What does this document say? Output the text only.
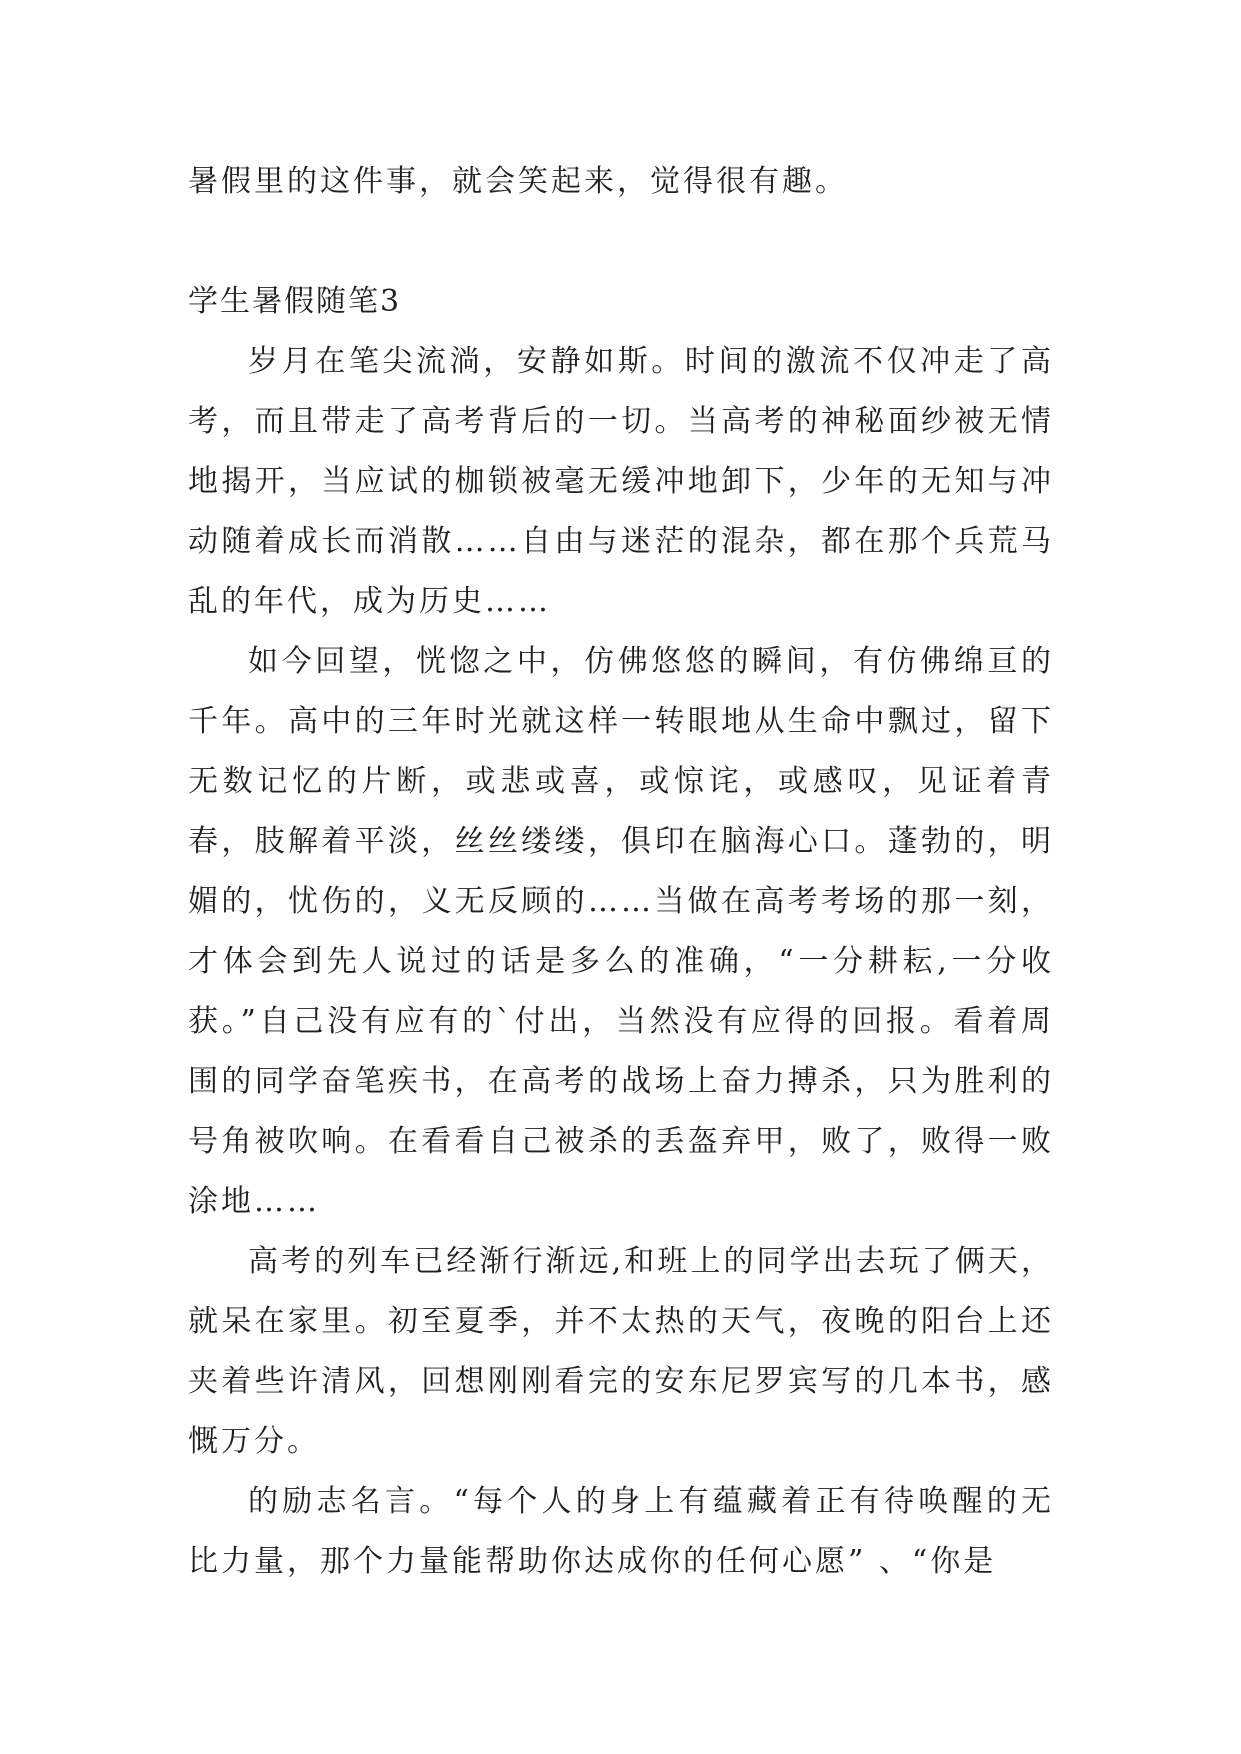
暑假里的这件事，就会笑起来，觉得很有趣。
学生暑假随笔3

岁月在笔尖流淌，安静如斯。时间的激流不仅冲走了高考，而且带走了高考背后的一切。当高考的神秘面纱被无情地揭开，当应试的枷锁被毫无缓冲地卸下，少年的无知与冲动随着成长而消散……自由与迷茫的混杂，都在那个兵荒马乱的年代，成为历史……

如今回望，恍惚之中，仿佛悠悠的瞬间，有仿佛绵亘的千年。高中的三年时光就这样一转眼地从生命中飘过，留下无数记忆的片断，或悲或喜，或惊诧，或感叹，见证着青春，肢解着平淡，丝丝缕缕，俱印在脑海心口。蓬勃的，明媚的，忧伤的，义无反顾的……当做在高考考场的那一刻，才体会到先人说过的话是多么的准确，“一分耕耘,一分收获。”自己没有应有的`付出，当然没有应得的回报。看着周围的同学奋笔疾书，在高考的战场上奋力搏杀，只为胜利的号角被吹响。在看看自己被杀的丢盔弃甲，败了，败得一败涂地……

高考的列车已经渐行渐远,和班上的同学出去玩了俩天，就呆在家里。初至夏季，并不太热的天气，夜晚的阳台上还夹着些许清风，回想刚刚看完的安东尼罗宾写的几本书，感慨万分。

的励志名言。“每个人的身上有蕴藏着正有待唤醒的无比力量，那个力量能帮助你达成你的任何心愿” 、“你是
